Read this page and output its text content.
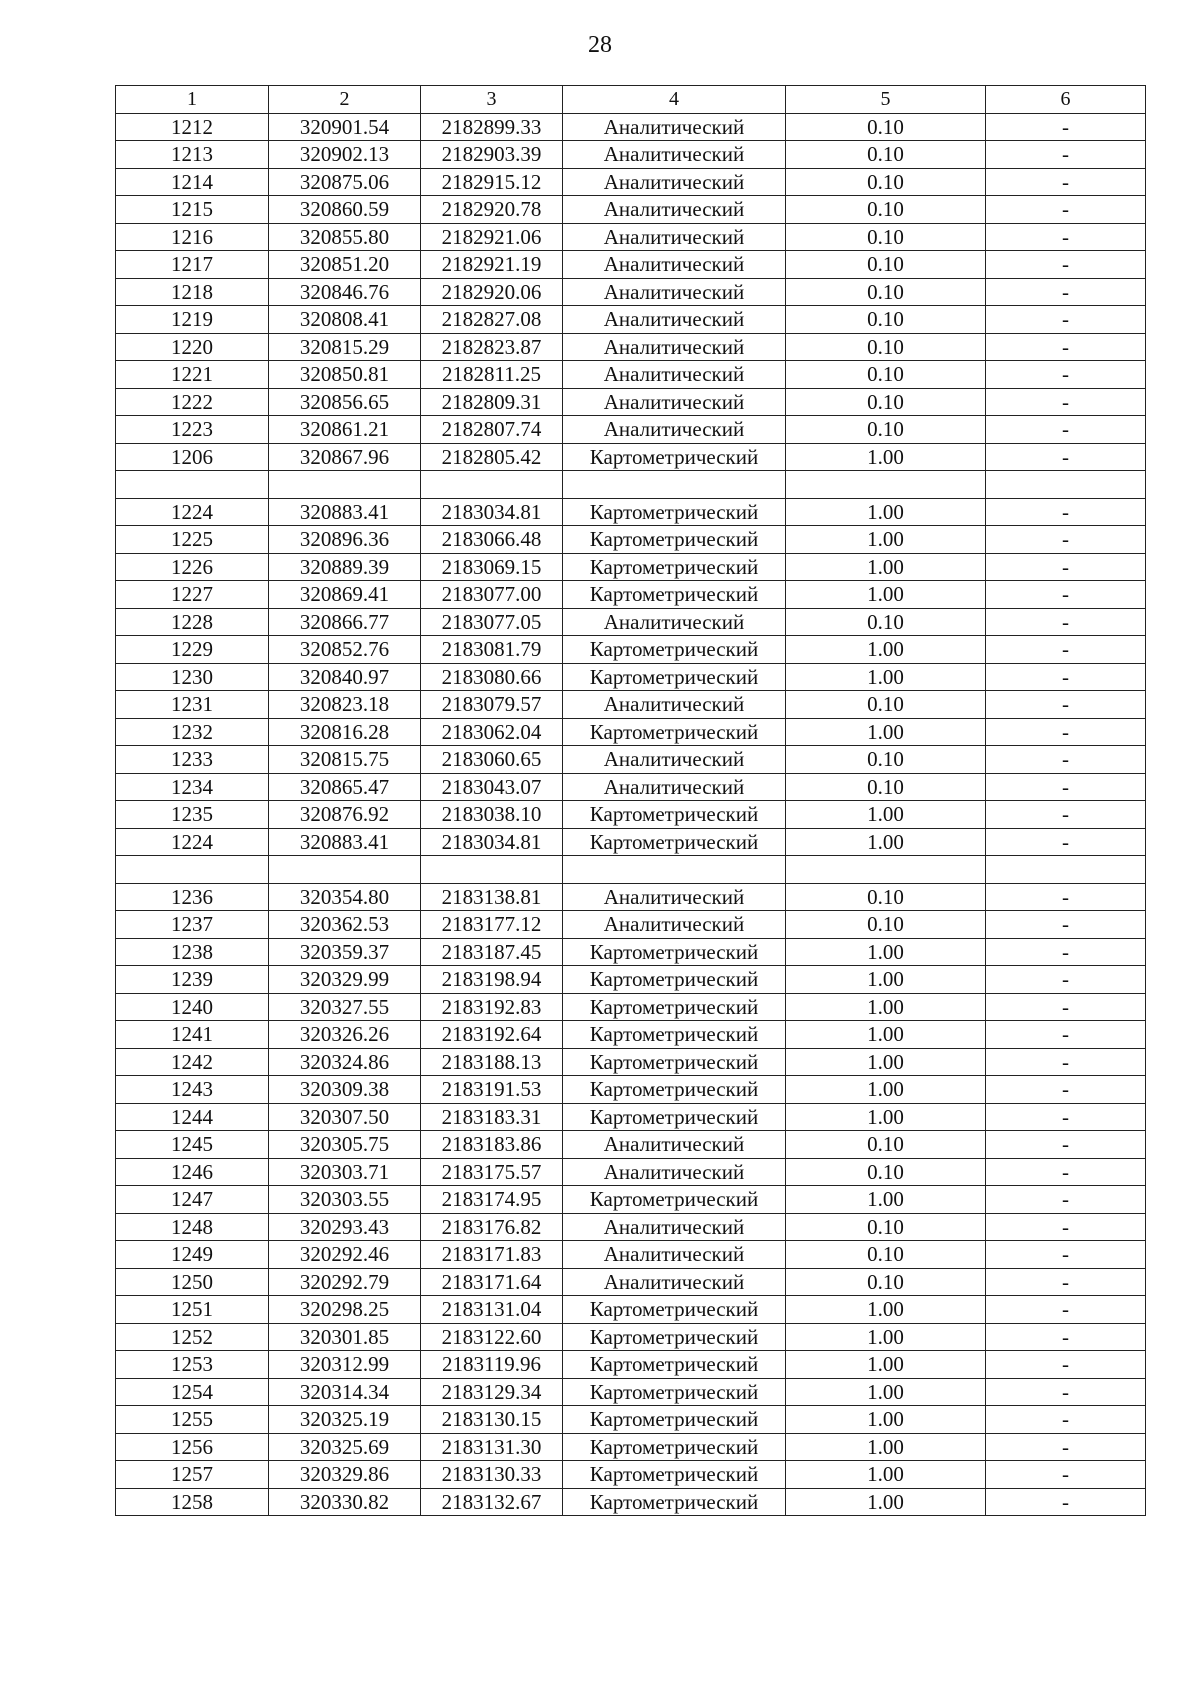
28
1	2	3	4	5	6
1212	320901.54	2182899.33	Аналитический	0.10	-
1213	320902.13	2182903.39	Аналитический	0.10	-
1214	320875.06	2182915.12	Аналитический	0.10	-
1215	320860.59	2182920.78	Аналитический	0.10	-
1216	320855.80	2182921.06	Аналитический	0.10	-
1217	320851.20	2182921.19	Аналитический	0.10	-
1218	320846.76	2182920.06	Аналитический	0.10	-
1219	320808.41	2182827.08	Аналитический	0.10	-
1220	320815.29	2182823.87	Аналитический	0.10	-
1221	320850.81	2182811.25	Аналитический	0.10	-
1222	320856.65	2182809.31	Аналитический	0.10	-
1223	320861.21	2182807.74	Аналитический	0.10	-
1206	320867.96	2182805.42	Картометрический	1.00	-

1224	320883.41	2183034.81	Картометрический	1.00	-
1225	320896.36	2183066.48	Картометрический	1.00	-
1226	320889.39	2183069.15	Картометрический	1.00	-
1227	320869.41	2183077.00	Картометрический	1.00	-
1228	320866.77	2183077.05	Аналитический	0.10	-
1229	320852.76	2183081.79	Картометрический	1.00	-
1230	320840.97	2183080.66	Картометрический	1.00	-
1231	320823.18	2183079.57	Аналитический	0.10	-
1232	320816.28	2183062.04	Картометрический	1.00	-
1233	320815.75	2183060.65	Аналитический	0.10	-
1234	320865.47	2183043.07	Аналитический	0.10	-
1235	320876.92	2183038.10	Картометрический	1.00	-
1224	320883.41	2183034.81	Картометрический	1.00	-

1236	320354.80	2183138.81	Аналитический	0.10	-
1237	320362.53	2183177.12	Аналитический	0.10	-
1238	320359.37	2183187.45	Картометрический	1.00	-
1239	320329.99	2183198.94	Картометрический	1.00	-
1240	320327.55	2183192.83	Картометрический	1.00	-
1241	320326.26	2183192.64	Картометрический	1.00	-
1242	320324.86	2183188.13	Картометрический	1.00	-
1243	320309.38	2183191.53	Картометрический	1.00	-
1244	320307.50	2183183.31	Картометрический	1.00	-
1245	320305.75	2183183.86	Аналитический	0.10	-
1246	320303.71	2183175.57	Аналитический	0.10	-
1247	320303.55	2183174.95	Картометрический	1.00	-
1248	320293.43	2183176.82	Аналитический	0.10	-
1249	320292.46	2183171.83	Аналитический	0.10	-
1250	320292.79	2183171.64	Аналитический	0.10	-
1251	320298.25	2183131.04	Картометрический	1.00	-
1252	320301.85	2183122.60	Картометрический	1.00	-
1253	320312.99	2183119.96	Картометрический	1.00	-
1254	320314.34	2183129.34	Картометрический	1.00	-
1255	320325.19	2183130.15	Картометрический	1.00	-
1256	320325.69	2183131.30	Картометрический	1.00	-
1257	320329.86	2183130.33	Картометрический	1.00	-
1258	320330.82	2183132.67	Картометрический	1.00	-
